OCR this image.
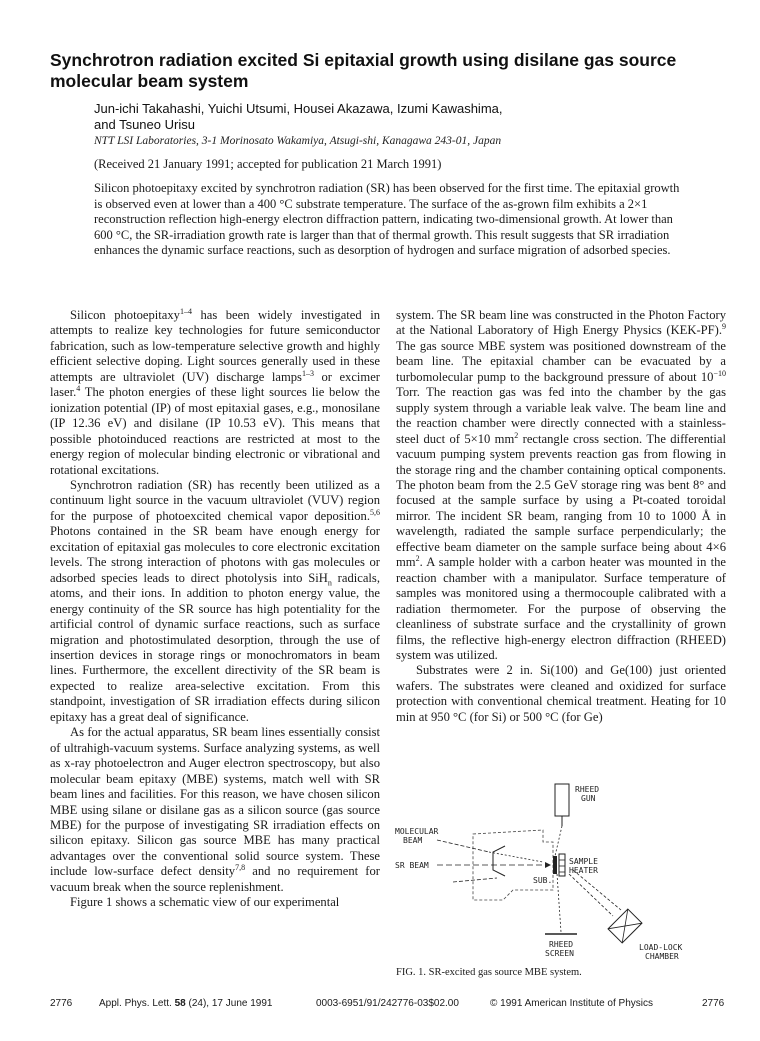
Synchrotron radiation excited Si epitaxial growth using disilane gas source molecular beam system
Jun-ichi Takahashi, Yuichi Utsumi, Housei Akazawa, Izumi Kawashima,
and Tsuneo Urisu
NTT LSI Laboratories, 3-1 Morinosato Wakamiya, Atsugi-shi, Kanagawa 243-01, Japan
(Received 21 January 1991; accepted for publication 21 March 1991)
Silicon photoepitaxy excited by synchrotron radiation (SR) has been observed for the first time. The epitaxial growth is observed even at lower than a 400 °C substrate temperature. The surface of the as-grown film exhibits a 2×1 reconstruction reflection high-energy electron diffraction pattern, indicating two-dimensional growth. At lower than 600 °C, the SR-irradiation growth rate is larger than that of thermal growth. This result suggests that SR irradiation enhances the dynamic surface reactions, such as desorption of hydrogen and surface migration of adsorbed species.

Silicon photoepitaxy$^{1-4}$ has been widely investigated in attempts to realize key technologies for future semiconductor fabrication, such as low-temperature selective growth and highly efficient selective doping. Light sources generally used in these attempts are ultraviolet (UV) discharge lamps$^{1-3}$ or excimer laser.$^4$ The photon energies of these light sources lie below the ionization potential (IP) of most epitaxial gases, e.g., monosilane (IP 12.36 eV) and disilane (IP 10.53 eV). This means that possible photoinduced reactions are restricted at most to the energy region of molecular binding electronic or vibrational and rotational excitations.

Synchrotron radiation (SR) has recently been utilized as a continuum light source in the vacuum ultraviolet (VUV) region for the purpose of photoexcited chemical vapor deposition.$^{5,6}$ Photons contained in the SR beam have enough energy for excitation of epitaxial gas molecules to core electronic excitation levels. The strong interaction of photons with gas molecules or adsorbed species leads to direct photolysis into SiH$_n$ radicals, atoms, and their ions. In addition to photon energy value, the energy continuity of the SR source has high potentiality for the artificial control of dynamic surface reactions, such as surface migration and photostimulated desorption, through the use of insertion devices in storage rings or monochromators in beam lines. Furthermore, the excellent directivity of the SR beam is expected to realize area-selective excitation. From this standpoint, investigation of SR irradiation effects during silicon epitaxy has a great deal of significance.

As for the actual apparatus, SR beam lines essentially consist of ultrahigh-vacuum systems. Surface analyzing systems, as well as x-ray photoelectron and Auger electron spectroscopy, but also molecular beam epitaxy (MBE) systems, match well with SR beam lines and facilities. For this reason, we have chosen silicon MBE using silane or disilane gas as a silicon source (gas source MBE) for the purpose of investigating SR irradiation effects on silicon epitaxy. Silicon gas source MBE has many practical advantages over the conventional solid source system. These include low-surface defect density$^{7,8}$ and no requirement for vacuum break when the source replenishment.

Figure 1 shows a schematic view of our experimental

system. The SR beam line was constructed in the Photon Factory at the National Laboratory of High Energy Physics (KEK-PF).$^9$ The gas source MBE system was positioned downstream of the beam line. The epitaxial chamber can be evacuated by a turbomolecular pump to the background pressure of about $10^{-10}$ Torr. The reaction gas was fed into the chamber by the gas supply system through a variable leak valve. The beam line and the reaction chamber were directly connected with a stainless-steel duct of 5×10 $mm^2$ rectangle cross section. The differential vacuum pumping system prevents reaction gas from flowing in the storage ring and the chamber containing optical components. The photon beam from the 2.5 GeV storage ring was bent 8° and focused at the sample surface by using a Pt-coated toroidal mirror. The incident SR beam, ranging from 10 to 1000 Å in wavelength, radiated the sample surface perpendicularly; the effective beam diameter on the sample surface being about 4×6 $mm^2$. A sample holder with a carbon heater was mounted in the reaction chamber with a manipulator. Surface temperature of samples was monitored using a thermocouple calibrated with a radiation thermometer. For the purpose of observing the cleanliness of substrate surface and the crystallinity of grown films, the reflective high-energy electron diffraction (RHEED) system was utilized.

Substrates were 2 in. Si(100) and Ge(100) just oriented wafers. The substrates were cleaned and oxidized for surface protection with conventional chemical treatment. Heating for 10 min at 950 °C (for Si) or 500 °C (for Ge)

RHEED
GUN
MOLECULAR
BEAM
SR BEAM	SAMPLE
HEATER
SUB.
RHEED
SCREEN
LOAD-LOCK
CHAMBER
FIG. 1. SR-excited gas source MBE system.
2776	Appl. Phys. Lett. 58 (24), 17 June 1991	0003-6951/91/242776-03$02.00	© 1991 American Institute of Physics	2776
